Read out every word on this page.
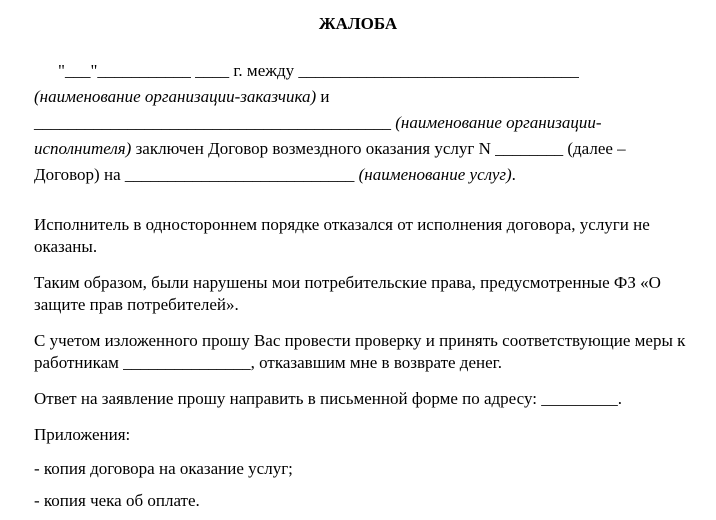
ЖАЛОБА
"___"___________ ____ г. между _________________________________
(наименование организации-заказчика) и
__________________________________________ (наименование организации-исполнителя) заключен Договор возмездного оказания услуг N ________ (далее – Договор) на ___________________________ (наименование услуг).
Исполнитель в одностороннем порядке отказался от исполнения договора, услуги не оказаны.
Таким образом, были нарушены мои потребительские права, предусмотренные ФЗ «О защите прав потребителей».
С учетом изложенного прошу Вас провести проверку и принять соответствующие меры к работникам _______________, отказавшим мне в возврате денег.
Ответ на заявление прошу направить в письменной форме по адресу: _________.
Приложения:
- копия договора на оказание услуг;
- копия чека об оплате.
